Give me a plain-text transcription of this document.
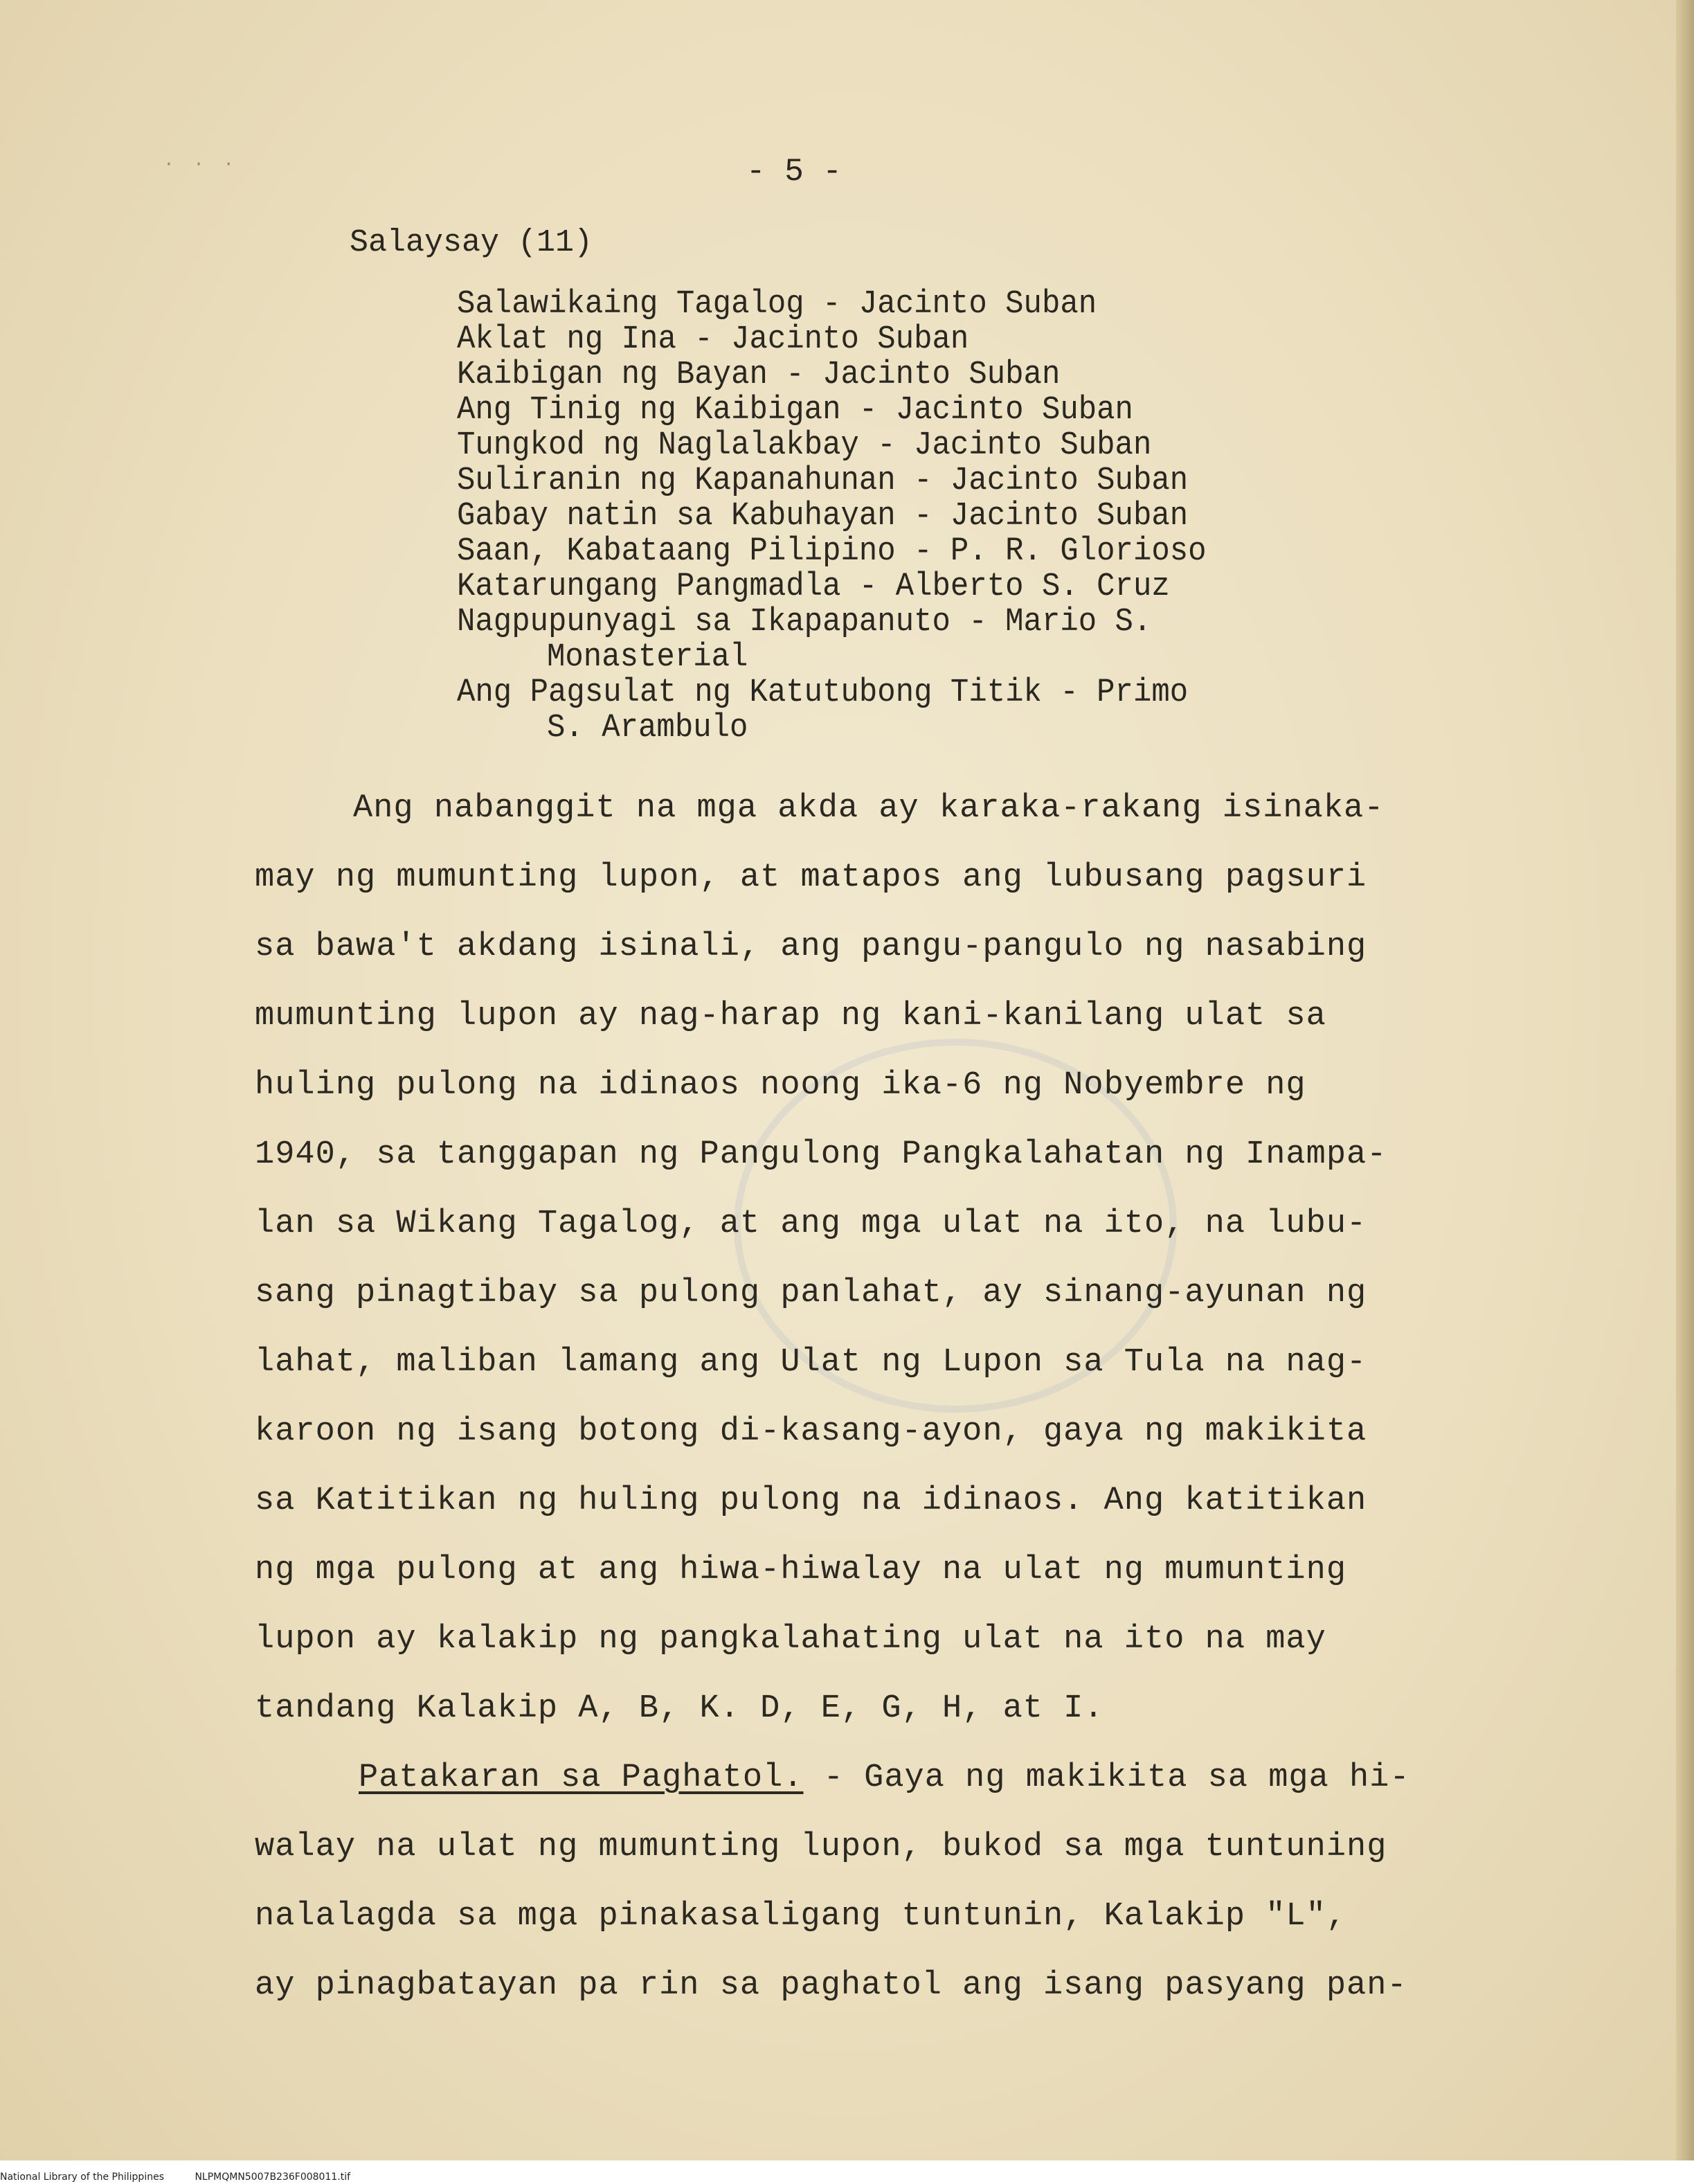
· · ·	- 5 -
Salaysay (11)
Salawikaing Tagalog - Jacinto Suban
Aklat ng Ina - Jacinto Suban
Kaibigan ng Bayan - Jacinto Suban
Ang Tinig ng Kaibigan - Jacinto Suban
Tungkod ng Naglalakbay - Jacinto Suban
Suliranin ng Kapanahunan - Jacinto Suban
Gabay natin sa Kabuhayan - Jacinto Suban
Saan, Kabataang Pilipino - P. R. Glorioso
Katarungang Pangmadla - Alberto S. Cruz
Nagpupunyagi sa Ikapapanuto - Mario S.
Monasterial
Ang Pagsulat ng Katutubong Titik - Primo
S. Arambulo
Ang nabanggit na mga akda ay karaka-rakang isinaka-
may ng mumunting lupon, at matapos ang lubusang pagsuri
sa bawa't akdang isinali, ang pangu-pangulo ng nasabing
mumunting lupon ay nag-harap ng kani-kanilang ulat sa
huling pulong na idinaos noong ika-6 ng Nobyembre ng
1940, sa tanggapan ng Pangulong Pangkalahatan ng Inampa-
lan sa Wikang Tagalog, at ang mga ulat na ito, na lubu-
sang pinagtibay sa pulong panlahat, ay sinang-ayunan ng
lahat, maliban lamang ang Ulat ng Lupon sa Tula na nag-
karoon ng isang botong di-kasang-ayon, gaya ng makikita
sa Katitikan ng huling pulong na idinaos. Ang katitikan
ng mga pulong at ang hiwa-hiwalay na ulat ng mumunting
lupon ay kalakip ng pangkalahating ulat na ito na may
tandang Kalakip A, B, K. D, E, G, H, at I.
Patakaran sa Paghatol. - Gaya ng makikita sa mga hi-
walay na ulat ng mumunting lupon, bukod sa mga tuntuning
nalalagda sa mga pinakasaligang tuntunin, Kalakip "L",
ay pinagbatayan pa rin sa paghatol ang isang pasyang pan-
National Library of the Philippines	NLPMQMN5007B236F008011.tif
